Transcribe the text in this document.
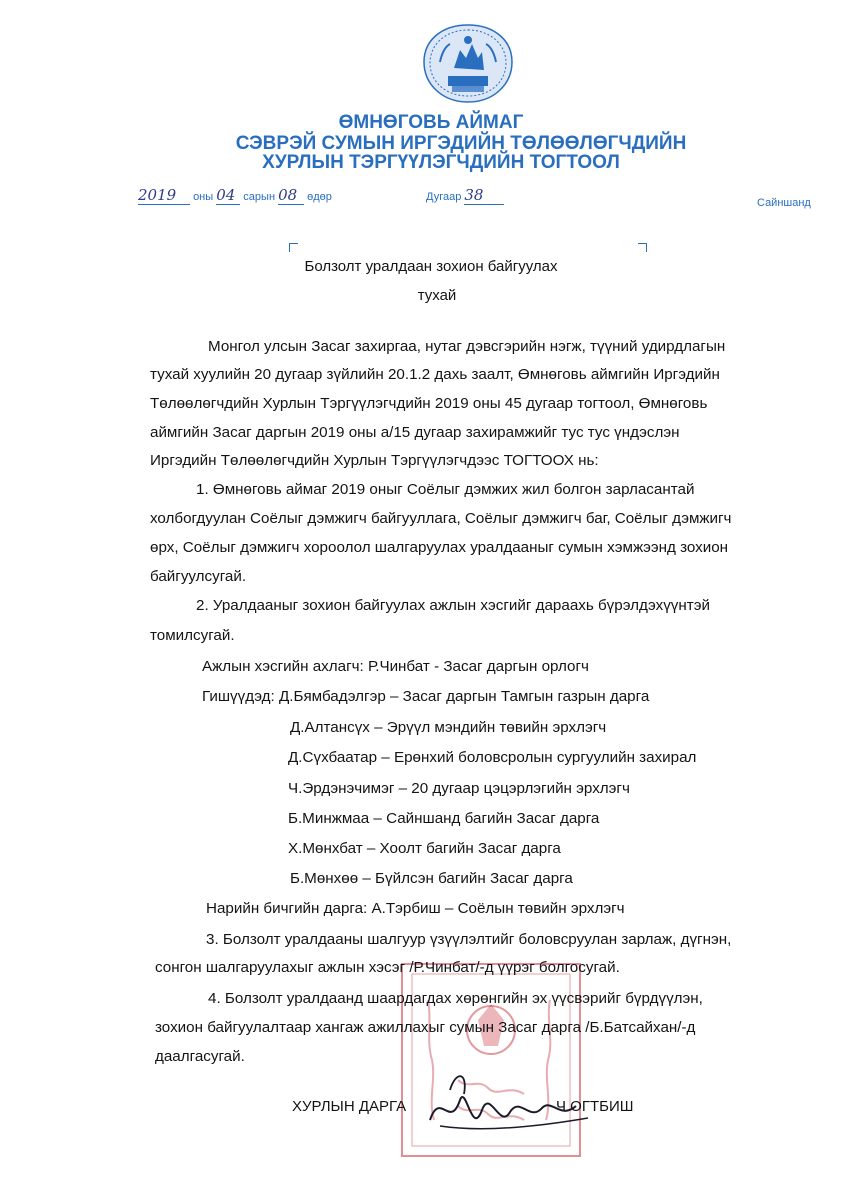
ӨМНӨГОВЬ АЙМАГ
СЭВРЭЙ СУМЫН ИРГЭДИЙН ТӨЛӨӨЛӨГЧДИЙН
ХУРЛЫН ТЭРГҮҮЛЭГЧДИЙН ТОГТООЛ
2019 оны 04 сарын 08 өдөр	Дугаар 38	Сайншанд
Болзолт уралдаан зохион байгуулах
тухай
Монгол улсын Засаг захиргаа, нутаг дэвсгэрийн нэгж, түүний удирдлагын
тухай хуулийн 20 дугаар зүйлийн 20.1.2 дахь заалт, Өмнөговь аймгийн Иргэдийн
Төлөөлөгчдийн Хурлын Тэргүүлэгчдийн 2019 оны 45 дугаар тогтоол, Өмнөговь
аймгийн Засаг даргын 2019 оны а/15 дугаар захирамжийг тус тус үндэслэн
Иргэдийн Төлөөлөгчдийн Хурлын Тэргүүлэгчдээс ТОГТООХ нь:
1. Өмнөговь аймаг 2019 оныг Соёлыг дэмжих жил болгон зарласантай
холбогдуулан Соёлыг дэмжигч байгууллага, Соёлыг дэмжигч баг, Соёлыг дэмжигч
өрх, Соёлыг дэмжигч хороолол шалгаруулах уралдааныг сумын хэмжээнд зохион
байгуулсугай.
2. Уралдааныг зохион байгуулах ажлын хэсгийг дараахь бүрэлдэхүүнтэй
томилсугай.
Ажлын хэсгийн ахлагч: Р.Чинбат - Засаг даргын орлогч
Гишүүдэд: Д.Бямбадэлгэр – Засаг даргын Тамгын газрын дарга
Д.Алтансүх – Эрүүл мэндийн төвийн эрхлэгч
Д.Сүхбаатар – Ерөнхий боловсролын сургуулийн захирал
Ч.Эрдэнэчимэг – 20 дугаар цэцэрлэгийн эрхлэгч
Б.Минжмаа – Сайншанд багийн Засаг дарга
Х.Мөнхбат – Хоолт багийн Засаг дарга
Б.Мөнхөө – Бүйлсэн багийн Засаг дарга
Нарийн бичгийн дарга: А.Тэрбиш – Соёлын төвийн эрхлэгч
3. Болзолт уралдааны шалгуур үзүүлэлтийг боловсруулан зарлаж, дүгнэн,
сонгон шалгаруулахыг ажлын хэсэг /Р.Чинбат/-д үүрэг болгосугай.
4. Болзолт уралдаанд шаардагдах хөрөнгийн эх үүсвэрийг бүрдүүлэн,
зохион байгуулалтаар хангаж ажиллахыг сумын Засаг дарга /Б.Батсайхан/-д
даалгасугай.
ХУРЛЫН ДАРГА	Ч.ОГТБИШ
